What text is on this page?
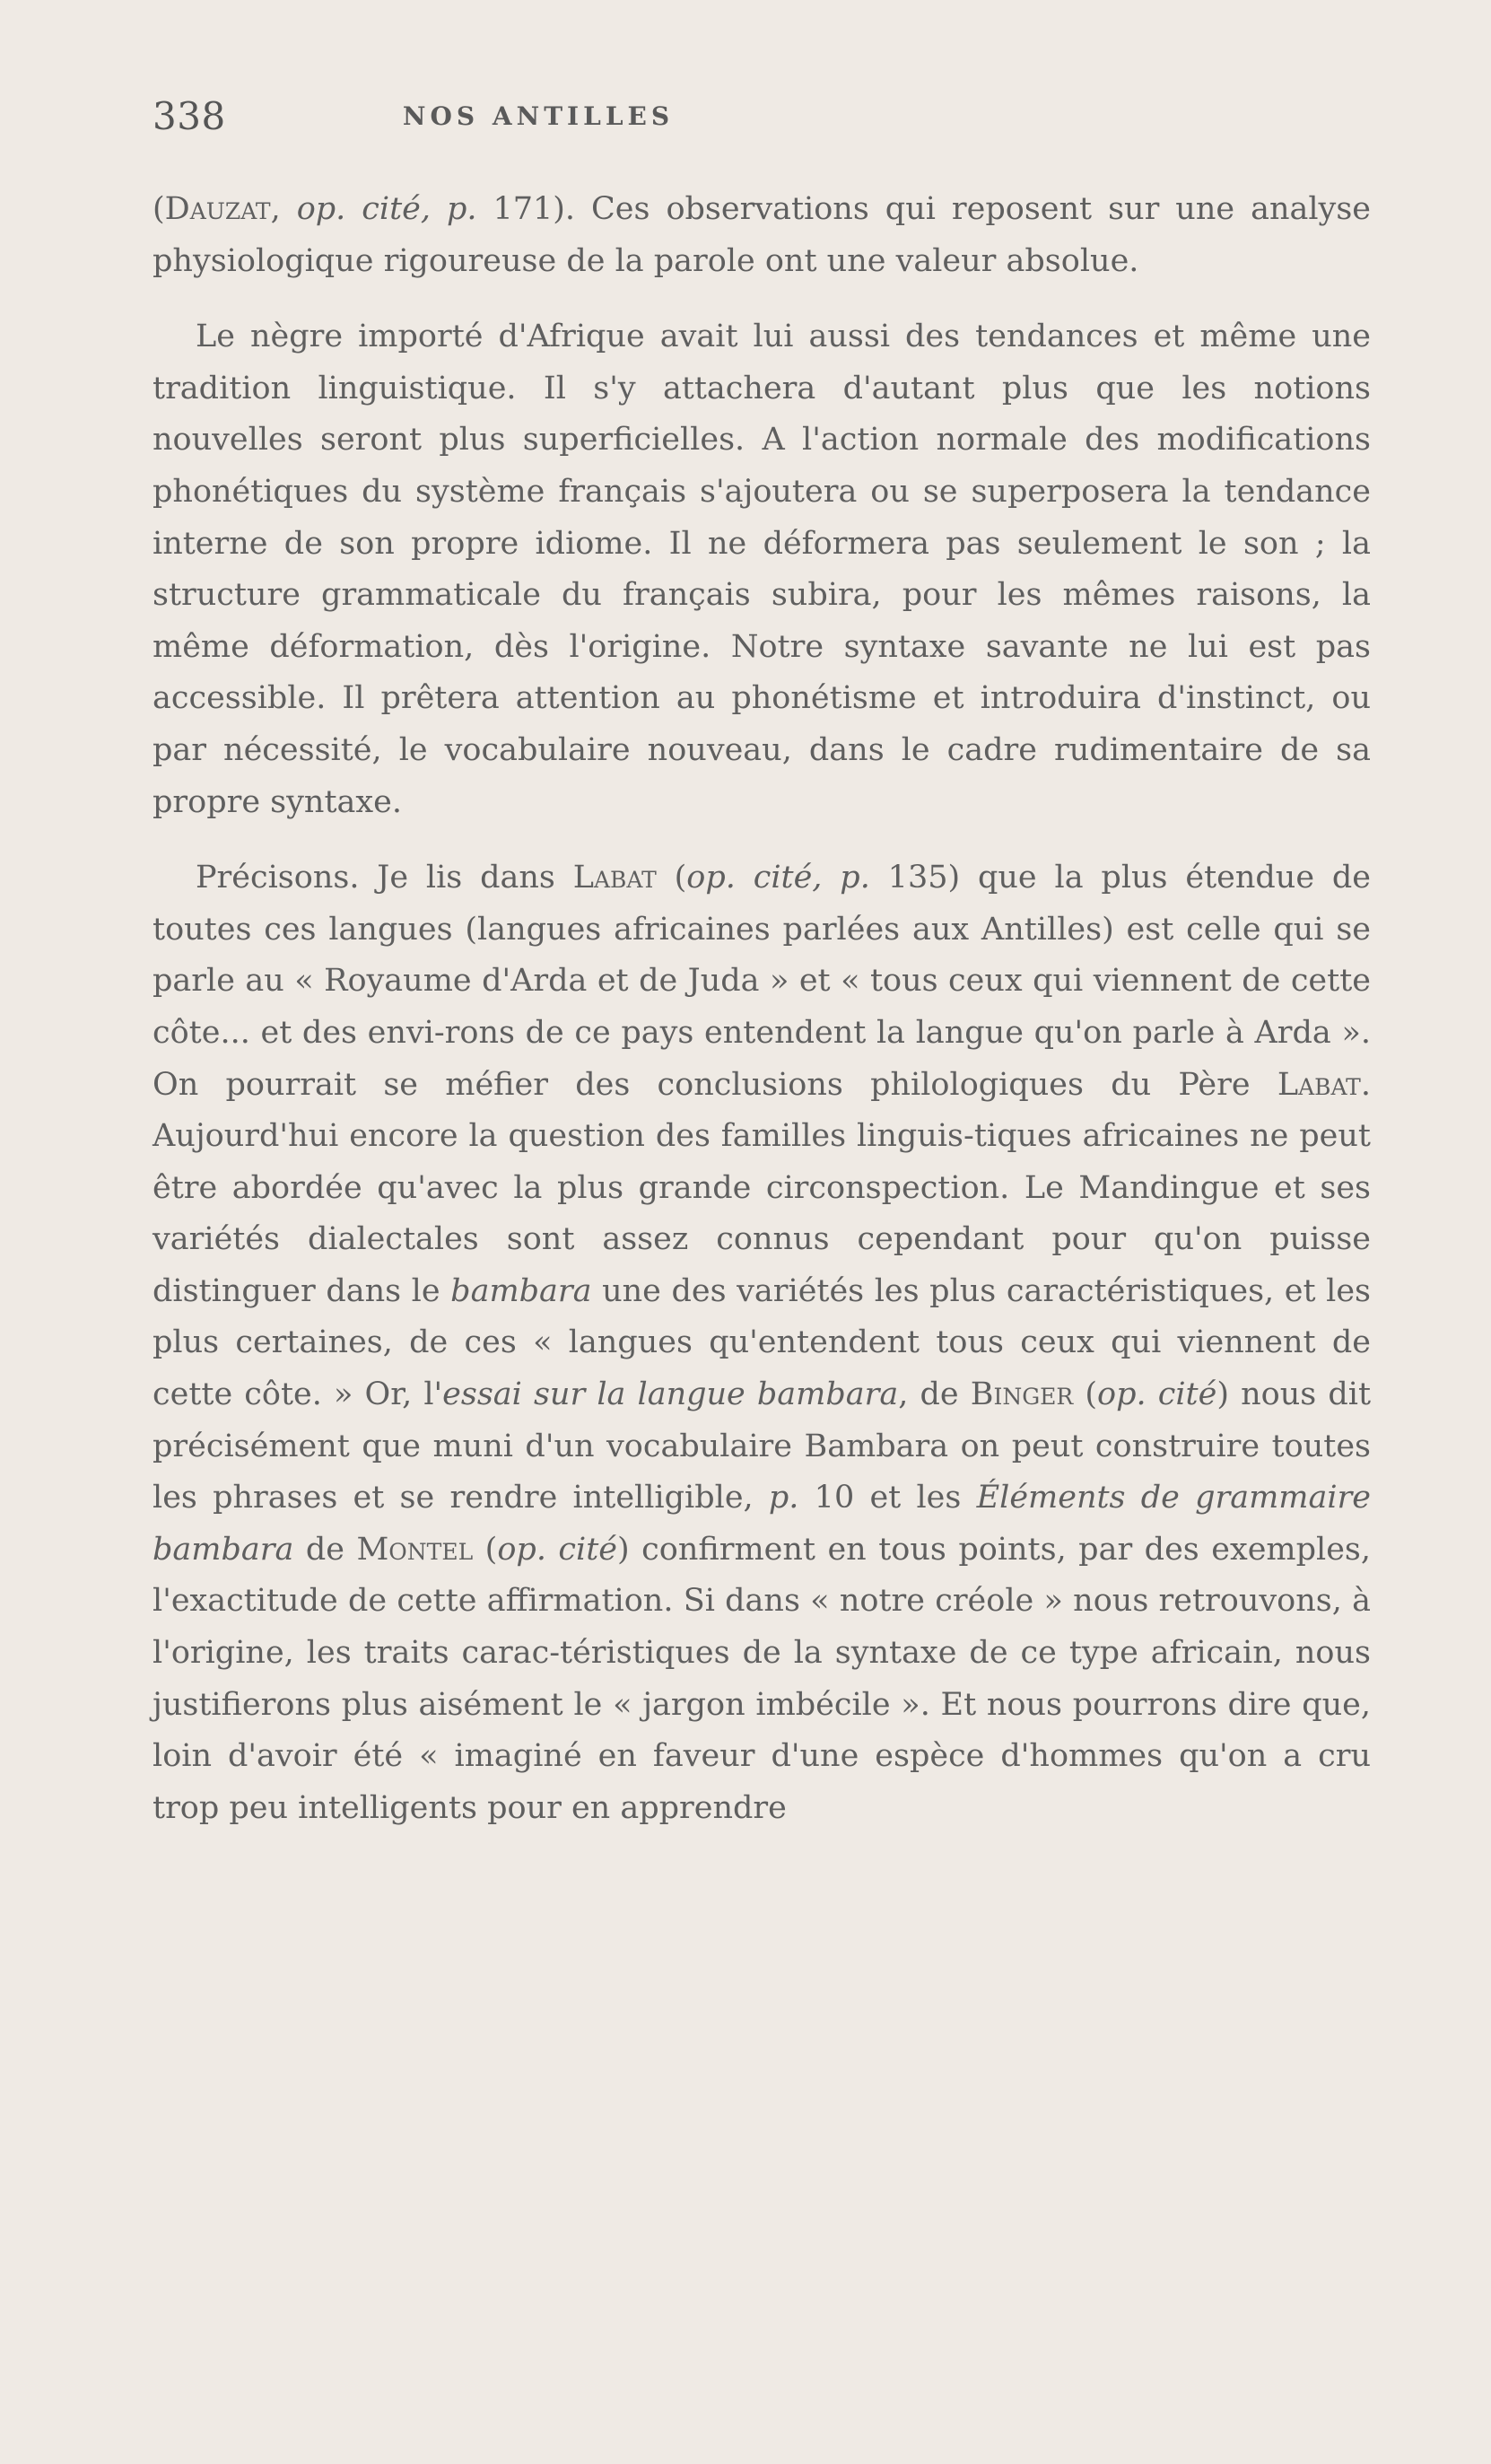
338	NOS ANTILLES

(Dauzat, op. cité, p. 171). Ces observations qui reposent sur une analyse physiologique rigoureuse de la parole ont une valeur absolue.

Le nègre importé d'Afrique avait lui aussi des tendances et même une tradition linguistique. Il s'y attachera d'autant plus que les notions nouvelles seront plus superficielles. A l'action normale des modifications phonétiques du système français s'ajoutera ou se superposera la tendance interne de son propre idiome. Il ne déformera pas seulement le son ; la structure grammaticale du français subira, pour les mêmes raisons, la même déformation, dès l'origine. Notre syntaxe savante ne lui est pas accessible. Il prêtera attention au phonétisme et introduira d'instinct, ou par nécessité, le vocabulaire nouveau, dans le cadre rudimentaire de sa propre syntaxe.

Précisons. Je lis dans Labat (op. cité, p. 135) que la plus étendue de toutes ces langues (langues africaines parlées aux Antilles) est celle qui se parle au « Royaume d'Arda et de Juda » et « tous ceux qui viennent de cette côte... et des envi-rons de ce pays entendent la langue qu'on parle à Arda ». On pourrait se méfier des conclusions philologiques du Père Labat. Aujourd'hui encore la question des familles linguis-tiques africaines ne peut être abordée qu'avec la plus grande circonspection. Le Mandingue et ses variétés dialectales sont assez connus cependant pour qu'on puisse distinguer dans le bambara une des variétés les plus caractéristiques, et les plus certaines, de ces « langues qu'entendent tous ceux qui viennent de cette côte. » Or, l'essai sur la langue bambara, de Binger (op. cité) nous dit précisément que muni d'un vocabulaire Bambara on peut construire toutes les phrases et se rendre intelligible, p. 10 et les Éléments de grammaire bambara de Montel (op. cité) confirment en tous points, par des exemples, l'exactitude de cette affirmation. Si dans « notre créole » nous retrouvons, à l'origine, les traits carac-téristiques de la syntaxe de ce type africain, nous justifierons plus aisément le « jargon imbécile ». Et nous pourrons dire que, loin d'avoir été « imaginé en faveur d'une espèce d'hommes qu'on a cru trop peu intelligents pour en apprendre
